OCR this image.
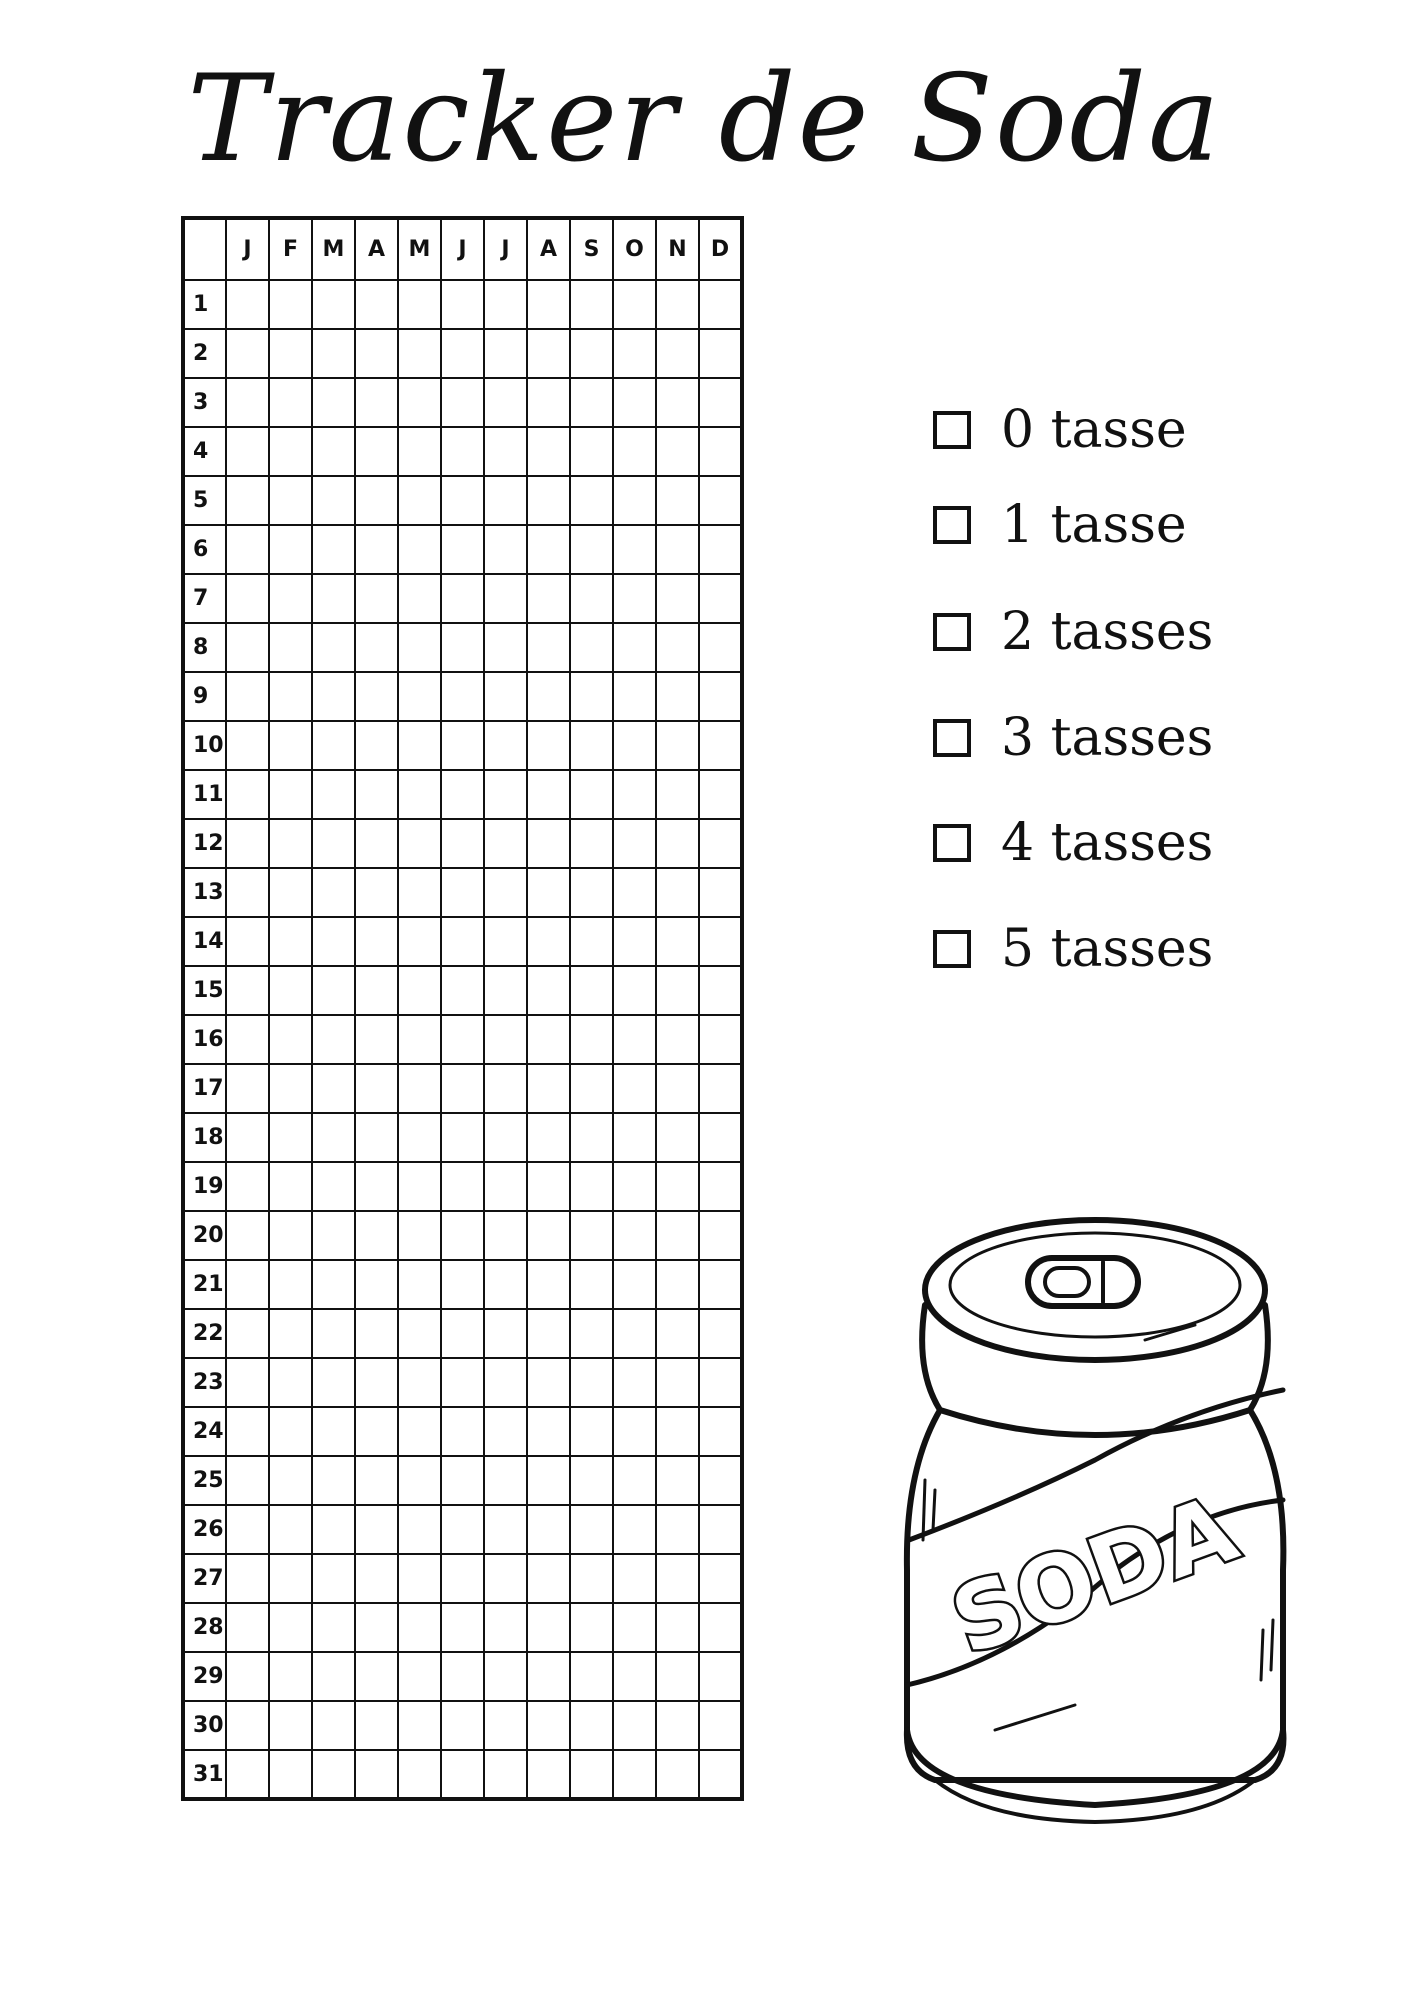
Tracker de Soda
	J	F	M	A	M	J	J	A	S	O	N	D
1												
2												
3												
4												
5												
6												
7												
8												
9												
10												
11												
12												
13												
14												
15												
16												
17												
18												
19												
20												
21												
22												
23												
24												
25												
26												
27												
28												
29												
30												
31												
0 tasse
1 tasse
2 tasses
3 tasses
4 tasses
5 tasses
SODA
